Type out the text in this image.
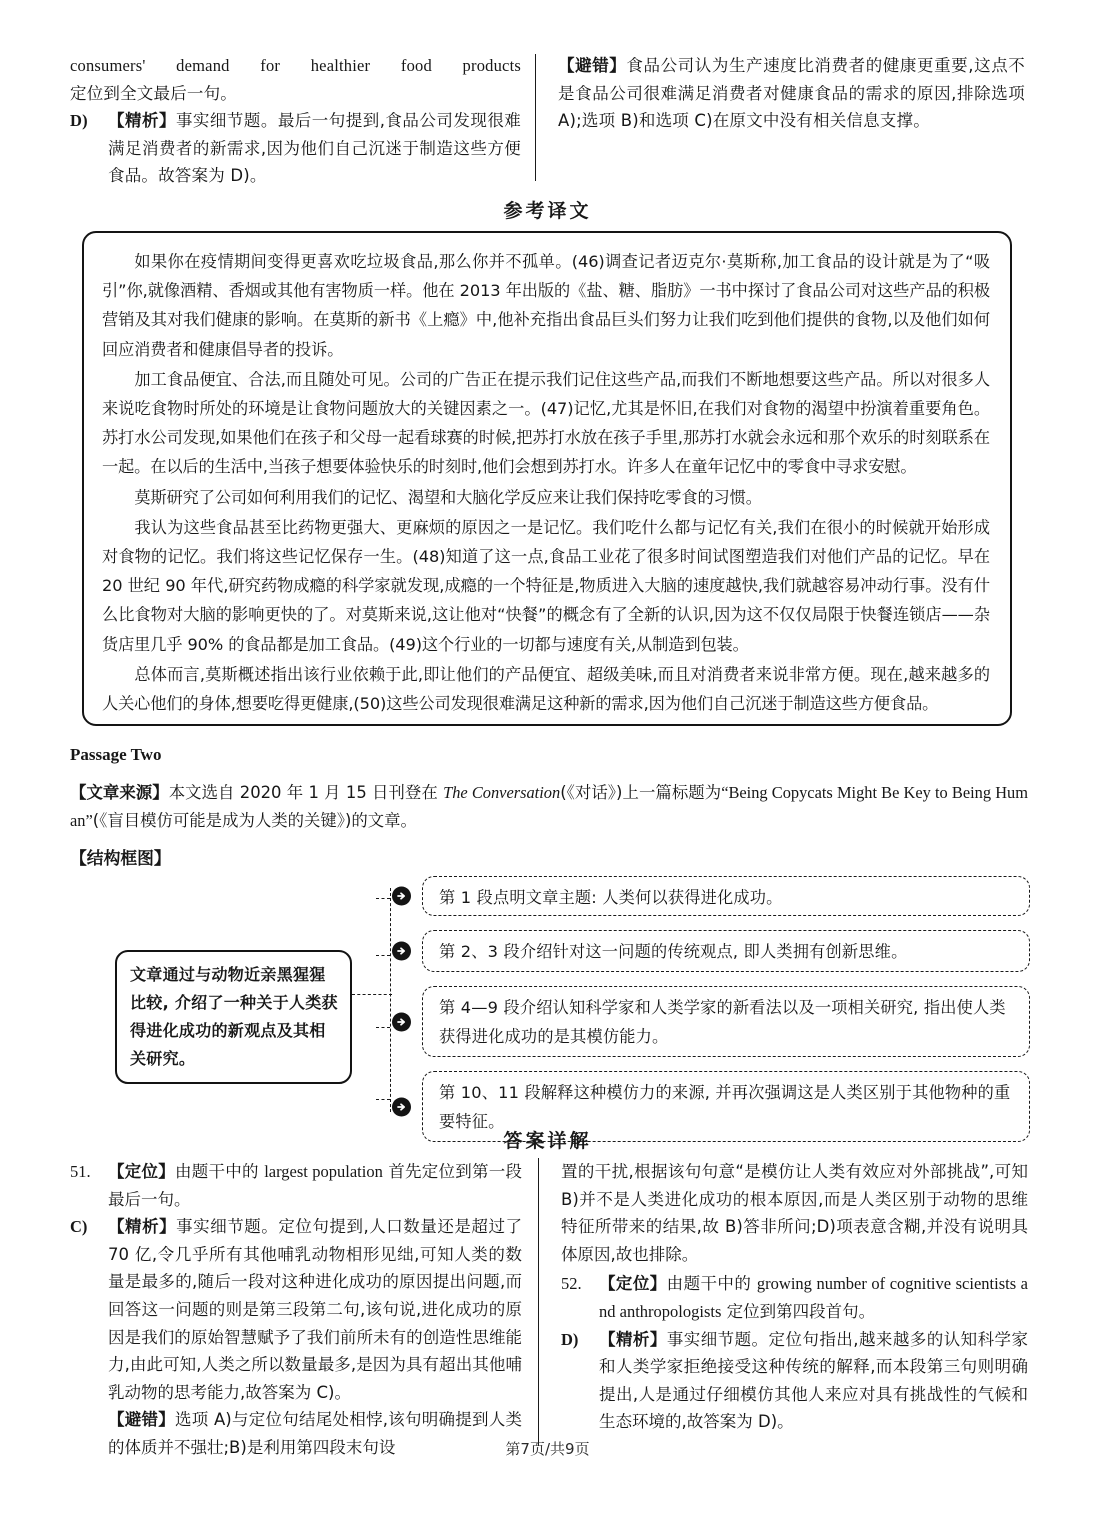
consumers' demand for healthier food products
定位到全文最后一句。
D) 【精析】事实细节题。最后一句提到,食品公司发现很难满足消费者的新需求,因为他们自己沉迷于制造这些方便食品。故答案为 D)。
【避错】食品公司认为生产速度比消费者的健康更重要,这点不是食品公司很难满足消费者对健康食品的需求的原因,排除选项 A);选项 B)和选项 C)在原文中没有相关信息支撑。
参考译文

如果你在疫情期间变得更喜欢吃垃圾食品,那么你并不孤单。(46)调查记者迈克尔·莫斯称,加工食品的设计就是为了“吸引”你,就像酒精、香烟或其他有害物质一样。他在 2013 年出版的《盐、糖、脂肪》一书中探讨了食品公司对这些产品的积极营销及其对我们健康的影响。在莫斯的新书《上瘾》中,他补充指出食品巨头们努力让我们吃到他们提供的食物,以及他们如何回应消费者和健康倡导者的投诉。

加工食品便宜、合法,而且随处可见。公司的广告正在提示我们记住这些产品,而我们不断地想要这些产品。所以对很多人来说吃食物时所处的环境是让食物问题放大的关键因素之一。(47)记忆,尤其是怀旧,在我们对食物的渴望中扮演着重要角色。苏打水公司发现,如果他们在孩子和父母一起看球赛的时候,把苏打水放在孩子手里,那苏打水就会永远和那个欢乐的时刻联系在一起。在以后的生活中,当孩子想要体验快乐的时刻时,他们会想到苏打水。许多人在童年记忆中的零食中寻求安慰。

莫斯研究了公司如何利用我们的记忆、渴望和大脑化学反应来让我们保持吃零食的习惯。

我认为这些食品甚至比药物更强大、更麻烦的原因之一是记忆。我们吃什么都与记忆有关,我们在很小的时候就开始形成对食物的记忆。我们将这些记忆保存一生。(48)知道了这一点,食品工业花了很多时间试图塑造我们对他们产品的记忆。早在 20 世纪 90 年代,研究药物成瘾的科学家就发现,成瘾的一个特征是,物质进入大脑的速度越快,我们就越容易冲动行事。没有什么比食物对大脑的影响更快的了。对莫斯来说,这让他对“快餐”的概念有了全新的认识,因为这不仅仅局限于快餐连锁店——杂货店里几乎 90% 的食品都是加工食品。(49)这个行业的一切都与速度有关,从制造到包装。

总体而言,莫斯概述指出该行业依赖于此,即让他们的产品便宜、超级美味,而且对消费者来说非常方便。现在,越来越多的人关心他们的身体,想要吃得更健康,(50)这些公司发现很难满足这种新的需求,因为他们自己沉迷于制造这些方便食品。

Passage Two
【文章来源】本文选自 2020 年 1 月 15 日刊登在 The Conversation(《对话》)上一篇标题为“Being Copycats Might Be Key to Being Human”(《盲目模仿可能是成为人类的关键》)的文章。
【结构框图】
文章通过与动物近亲黑猩猩比较, 介绍了一种关于人类获得进化成功的新观点及其相关研究。
第 1 段点明文章主题: 人类何以获得进化成功。
第 2、3 段介绍针对这一问题的传统观点, 即人类拥有创新思维。
第 4—9 段介绍认知科学家和人类学家的新看法以及一项相关研究, 指出使人类获得进化成功的是其模仿能力。
第 10、11 段解释这种模仿力的来源, 并再次强调这是人类区别于其他物种的重要特征。
答案详解
51. 【定位】由题干中的 largest population 首先定位到第一段最后一句。
C) 【精析】事实细节题。定位句提到,人口数量还是超过了 70 亿,令几乎所有其他哺乳动物相形见绌,可知人类的数量是最多的,随后一段对这种进化成功的原因提出问题,而回答这一问题的则是第三段第二句,该句说,进化成功的原因是我们的原始智慧赋予了我们前所未有的创造性思维能力,由此可知,人类之所以数量最多,是因为具有超出其他哺乳动物的思考能力,故答案为 C)。
【避错】选项 A)与定位句结尾处相悖,该句明确提到人类的体质并不强壮;B)是利用第四段末句设
置的干扰,根据该句句意“是模仿让人类有效应对外部挑战”,可知 B)并不是人类进化成功的根本原因,而是人类区别于动物的思维特征所带来的结果,故 B)答非所问;D)项表意含糊,并没有说明具体原因,故也排除。
52. 【定位】由题干中的 growing number of cognitive scientists and anthropologists 定位到第四段首句。
D) 【精析】事实细节题。定位句指出,越来越多的认知科学家和人类学家拒绝接受这种传统的解释,而本段第三句则明确提出,人是通过仔细模仿其他人来应对具有挑战性的气候和生态环境的,故答案为 D)。
第7页/共9页
